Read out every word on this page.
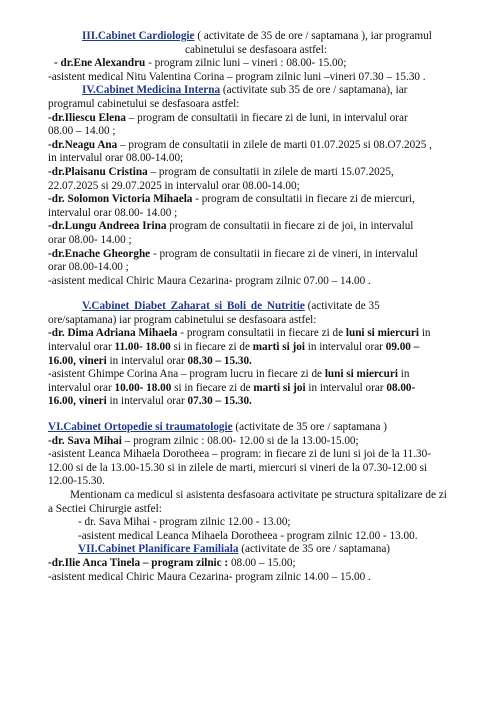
III.Cabinet Cardiologie ( activitate de 35 de ore / saptamana ), iar programul
cabinetului se desfasoara astfel:
- dr.Ene Alexandru - program zilnic luni – vineri : 08.00- 15.00;
-asistent medical Nitu Valentina Corina – program zilnic luni –vineri 07.30 – 15.30 .
IV.Cabinet Medicina Interna (activitate sub 35 de ore / saptamana), iar
programul cabinetului se desfasoara astfel:
-dr.Iliescu Elena – program de consultatii in fiecare zi de luni, in intervalul orar
08.00 – 14.00 ;
-dr.Neagu Ana – program de consultatii in zilele de marti 01.07.2025 si 08.O7.2025 ,
in intervalul orar 08.00-14.00;
-dr.Plaisanu Cristina – program de consultatii in zilele de marti 15.07.2025,
22.07.2025 si 29.07.2025 in intervalul orar 08.00-14.00;
-dr. Solomon Victoria Mihaela - program de consultatii in fiecare zi de miercuri,
intervalul orar 08.00- 14.00 ;
-dr.Lungu Andreea Irina program de consultatii in fiecare zi de joi, in intervalul
orar 08.00- 14.00 ;
-dr.Enache Gheorghe - program de consultatii in fiecare zi de vineri, in intervalul
orar 08.00-14.00 ;
-asistent medical Chiric Maura Cezarina- program zilnic 07.00 – 14.00 .
V.Cabinet Diabet Zaharat si Boli de Nutritie (activitate de 35
ore/saptamana) iar program cabinetului se desfasoara astfel:
-dr. Dima Adriana Mihaela - program consultatii in fiecare zi de luni si miercuri in
intervalul orar 11.00- 18.00 si in fiecare zi de marti si joi in intervalul orar 09.00 –
16.00, vineri in intervalul orar 08.30 – 15.30.
-asistent Ghimpe Corina Ana – program lucru in fiecare zi de luni si miercuri in
intervalul orar 10.00- 18.00 si in fiecare zi de marti si joi in intervalul orar 08.00-
16.00, vineri in intervalul orar 07.30 – 15.30.
VI.Cabinet Ortopedie si traumatologie (activitate de 35 ore / saptamana )
-dr. Sava Mihai – program zilnic : 08.00- 12.00 si de la 13.00-15.00;
-asistent Leanca Mihaela Dorotheea – program: in fiecare zi de luni si joi de la 11.30-
12.00 si de la 13.00-15.30 si in zilele de marti, miercuri si vineri de la 07.30-12.00 si
12.00-15.30.
Mentionam ca medicul si asistenta desfasoara activitate pe structura spitalizare de zi
a Sectiei Chirurgie astfel:
- dr. Sava Mihai - program zilnic 12.00 - 13.00;
-asistent medical Leanca Mihaela Dorotheea - program zilnic 12.00 - 13.00.
VII.Cabinet Planificare Familiala (activitate de 35 ore / saptamana)
-dr.Ilie Anca Tinela – program zilnic : 08.00 – 15.00;
-asistent medical Chiric Maura Cezarina- program zilnic 14.00 – 15.00 .
